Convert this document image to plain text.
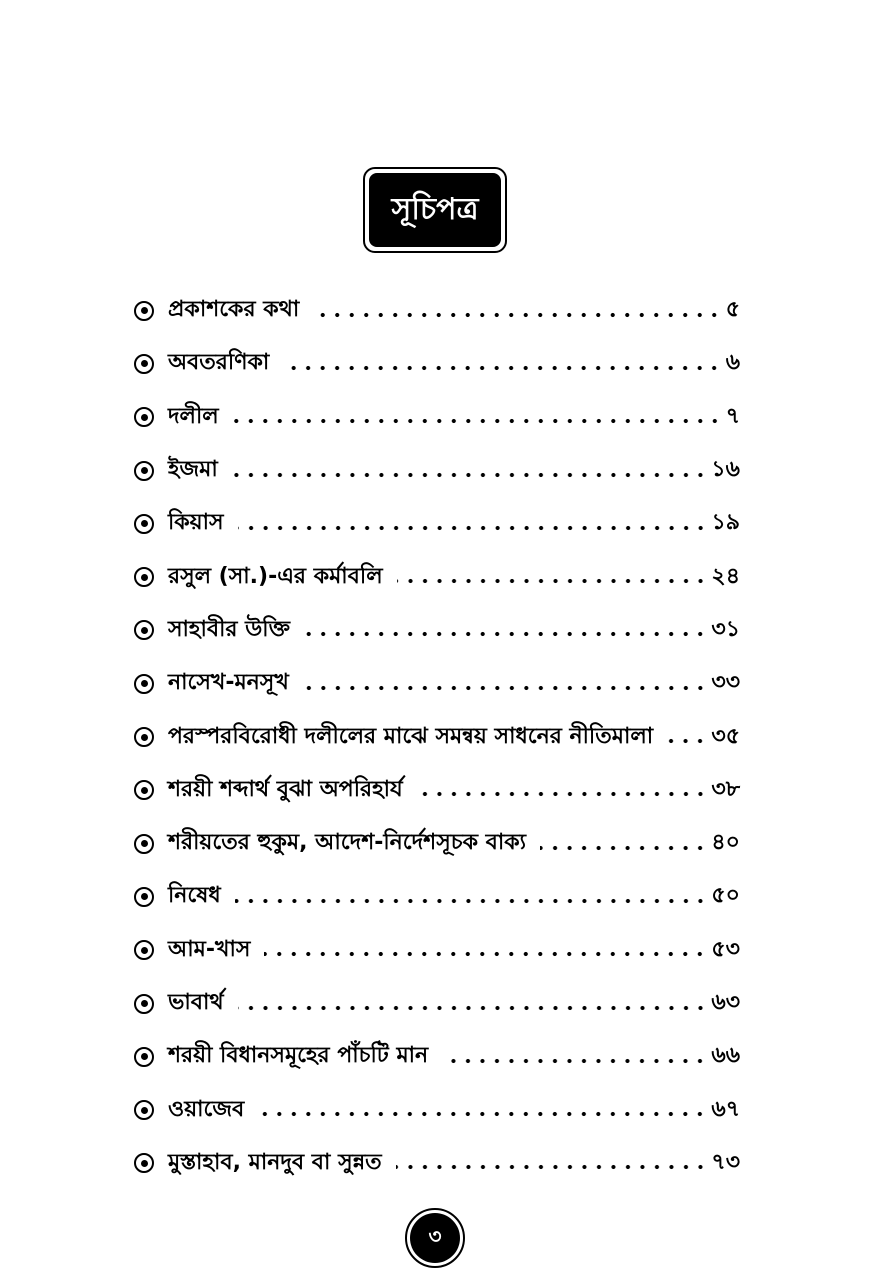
সূচিপত্র
প্রকাশকের কথা	৫
অবতরণিকা	৬
দলীল	৭
ইজমা	১৬
কিয়াস	১৯
রসুল (সা.)-এর কর্মাবলি	২৪
সাহাবীর উক্তি	৩১
নাসেখ-মনসূখ	৩৩
পরস্পরবিরোধী দলীলের মাঝে সমন্বয় সাধনের নীতিমালা	৩৫
শরয়ী শব্দার্থ বুঝা অপরিহার্য	৩৮
শরীয়তের হুকুম, আদেশ-নির্দেশসূচক বাক্য	৪০
নিষেধ	৫০
আম-খাস	৫৩
ভাবার্থ	৬৩
শরয়ী বিধানসমূহের পাঁচটি মান	৬৬
ওয়াজেব	৬৭
মুস্তাহাব, মানদুব বা সুন্নত	৭৩
৩
